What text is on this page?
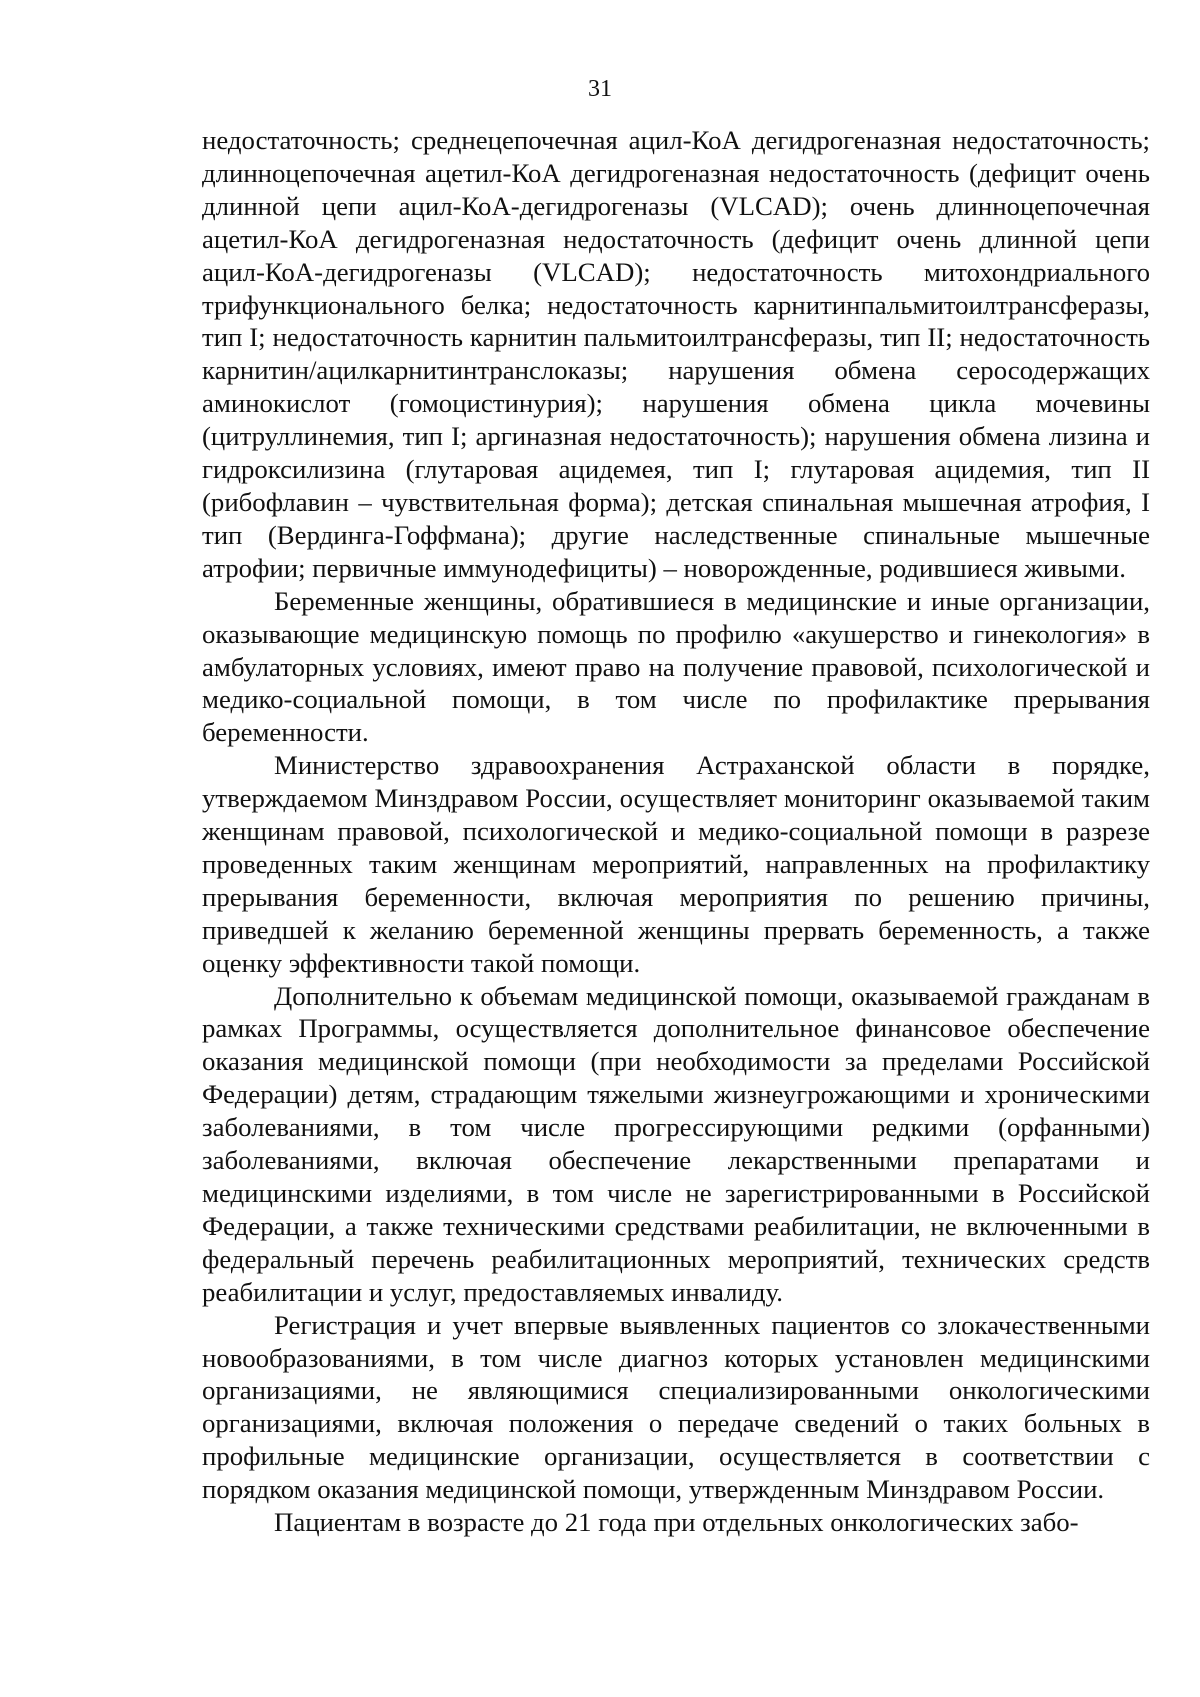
31

недостаточность; среднецепочечная ацил-КоА дегидрогеназная недостаточность; длинноцепочечная ацетил-КоА дегидрогеназная недостаточность (дефицит очень длинной цепи ацил-КоА-дегидрогеназы (VLCAD); очень длинноцепочечная ацетил-КоА дегидрогеназная недостаточность (дефицит очень длинной цепи ацил-КоА-дегидрогеназы (VLCAD); недостаточность митохондриального трифункционального белка; недостаточность карнитинпальмитоилтрансферазы, тип I; недостаточность карнитин пальмитоилтрансферазы, тип II; недостаточность карнитин/ацилкарнитинтранслоказы; нарушения обмена серосодержащих аминокислот (гомоцистинурия); нарушения обмена цикла мочевины (цитруллинемия, тип I; аргиназная недостаточность); нарушения обмена лизина и гидроксилизина (глутаровая ацидемея, тип I; глутаровая ацидемия, тип II (рибофлавин – чувствительная форма); детская спинальная мышечная атрофия, I тип (Вердинга-Гоффмана); другие наследственные спинальные мышечные атрофии; первичные иммунодефициты) – новорожденные, родившиеся живыми.

Беременные женщины, обратившиеся в медицинские и иные организации, оказывающие медицинскую помощь по профилю «акушерство и гинекология» в амбулаторных условиях, имеют право на получение правовой, психологической и медико-социальной помощи, в том числе по профилактике прерывания беременности.

Министерство здравоохранения Астраханской области в порядке, утверждаемом Минздравом России, осуществляет мониторинг оказываемой таким женщинам правовой, психологической и медико-социальной помощи в разрезе проведенных таким женщинам мероприятий, направленных на профилактику прерывания беременности, включая мероприятия по решению причины, приведшей к желанию беременной женщины прервать беременность, а также оценку эффективности такой помощи.

Дополнительно к объемам медицинской помощи, оказываемой гражданам в рамках Программы, осуществляется дополнительное финансовое обеспечение оказания медицинской помощи (при необходимости за пределами Российской Федерации) детям, страдающим тяжелыми жизнеугрожающими и хроническими заболеваниями, в том числе прогрессирующими редкими (орфанными) заболеваниями, включая обеспечение лекарственными препаратами и медицинскими изделиями, в том числе не зарегистрированными в Российской Федерации, а также техническими средствами реабилитации, не включенными в федеральный перечень реабилитационных мероприятий, технических средств реабилитации и услуг, предоставляемых инвалиду.

Регистрация и учет впервые выявленных пациентов со злокачественными новообразованиями, в том числе диагноз которых установлен медицинскими организациями, не являющимися специализированными онкологическими организациями, включая положения о передаче сведений о таких больных в профильные медицинские организации, осуществляется в соответствии с порядком оказания медицинской помощи, утвержденным Минздравом России.

Пациентам в возрасте до 21 года при отдельных онкологических забо-
